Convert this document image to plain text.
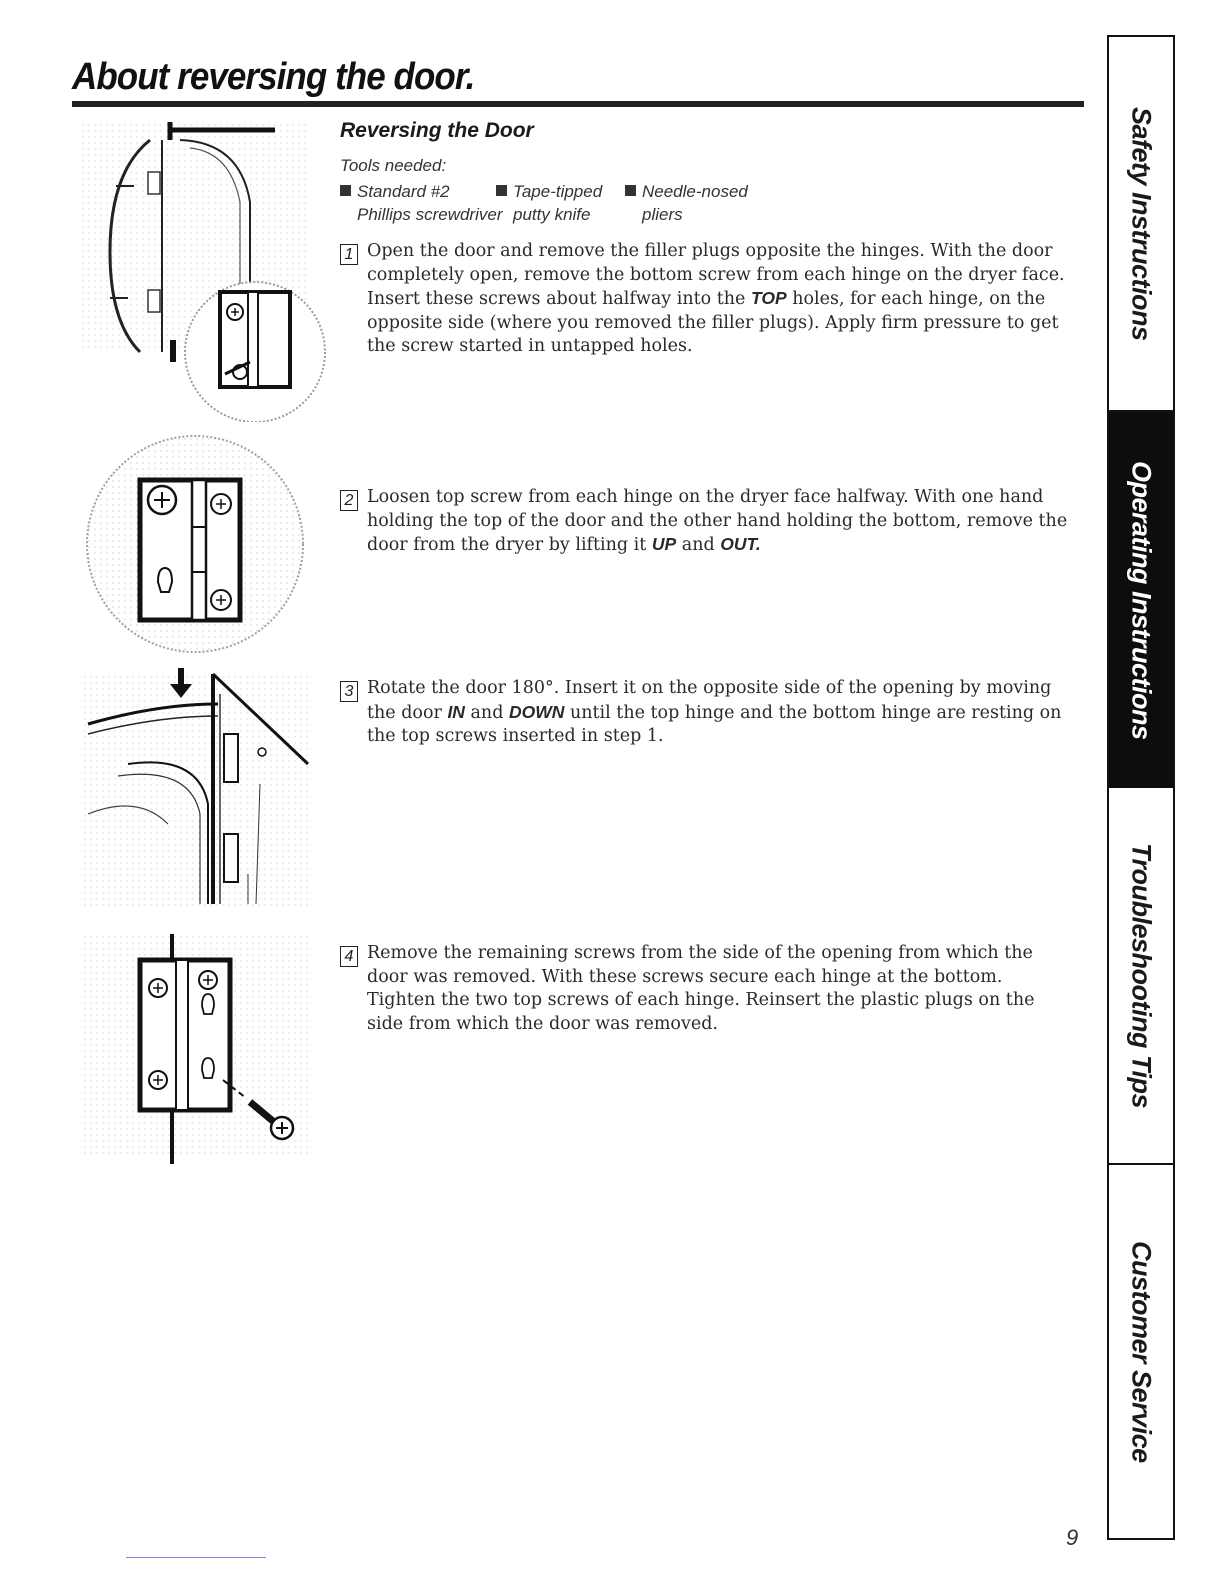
About reversing the door.
Reversing the Door
Tools needed:
Standard #2
Phillips screwdriver
Tape-tipped
putty knife
Needle-nosed
pliers
1 Open the door and remove the filler plugs opposite the hinges. With the door completely open, remove the bottom screw from each hinge on the dryer face. Insert these screws about halfway into the TOP holes, for each hinge, on the opposite side (where you removed the filler plugs). Apply firm pressure to get the screw started in untapped holes.

2 Loosen top screw from each hinge on the dryer face halfway. With one hand holding the top of the door and the other hand holding the bottom, remove the door from the dryer by lifting it UP and OUT.

3 Rotate the door 180°. Insert it on the opposite side of the opening by moving the door IN and DOWN until the top hinge and the bottom hinge are resting on the top screws inserted in step 1.

4 Remove the remaining screws from the side of the opening from which the door was removed. With these screws secure each hinge at the bottom. Tighten the two top screws of each hinge. Reinsert the plastic plugs on the side from which the door was removed.

Safety Instructions
Operating Instructions
Troubleshooting Tips
Customer Service
9
